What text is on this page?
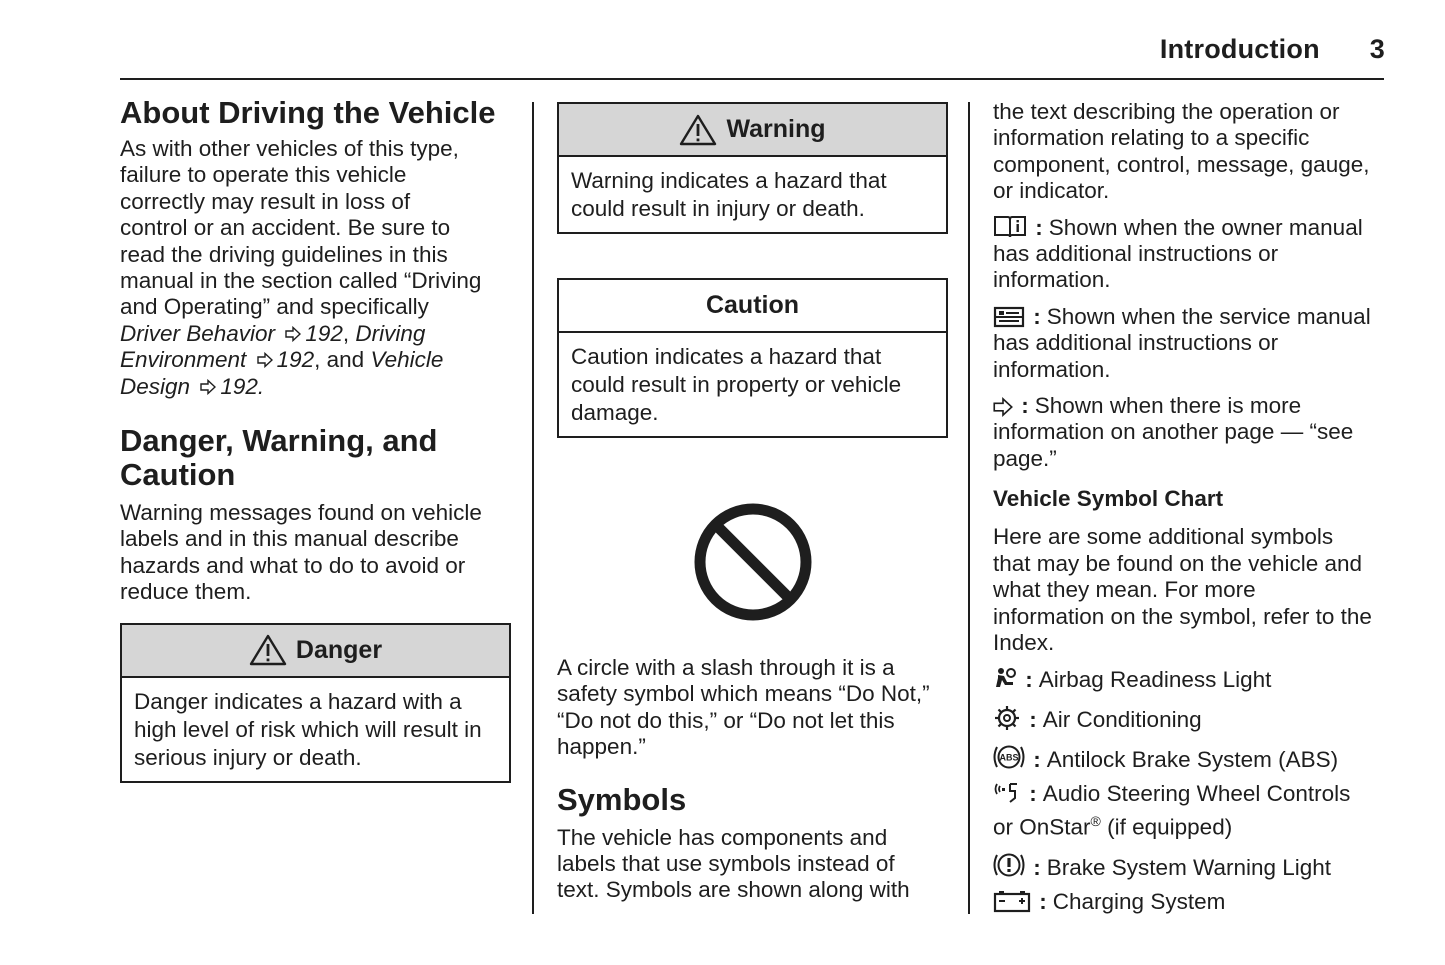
Introduction 3
About Driving the Vehicle
As with other vehicles of this type,
failure to operate this vehicle
correctly may result in loss of
control or an accident. Be sure to
read the driving guidelines in this
manual in the section called “Driving
and Operating” and specifically
Driver Behavior 192, Driving
Environment 192, and Vehicle
Design 192.
Danger, Warning, and Caution

Warning messages found on vehicle labels and in this manual describe hazards and what to do to avoid or reduce them.

Danger
Danger indicates a hazard with a high level of risk which will result in serious injury or death.
Warning
Warning indicates a hazard that could result in injury or death.
Caution
Caution indicates a hazard that could result in property or vehicle damage.

A circle with a slash through it is a safety symbol which means “Do Not,” “Do not do this,” or “Do not let this happen.”

Symbols

The vehicle has components and labels that use symbols instead of text. Symbols are shown along with

the text describing the operation or information relating to a specific component, control, message, gauge, or indicator.

: Shown when the owner manual has additional instructions or information.

: Shown when the service manual has additional instructions or information.

: Shown when there is more information on another page — “see page.”

Vehicle Symbol Chart

Here are some additional symbols that may be found on the vehicle and what they mean. For more information on the symbol, refer to the Index.

: Airbag Readiness Light
: Air Conditioning
ABS : Antilock Brake System (ABS)
: Audio Steering Wheel Controls
or OnStar® (if equipped)
: Brake System Warning Light
: Charging System
